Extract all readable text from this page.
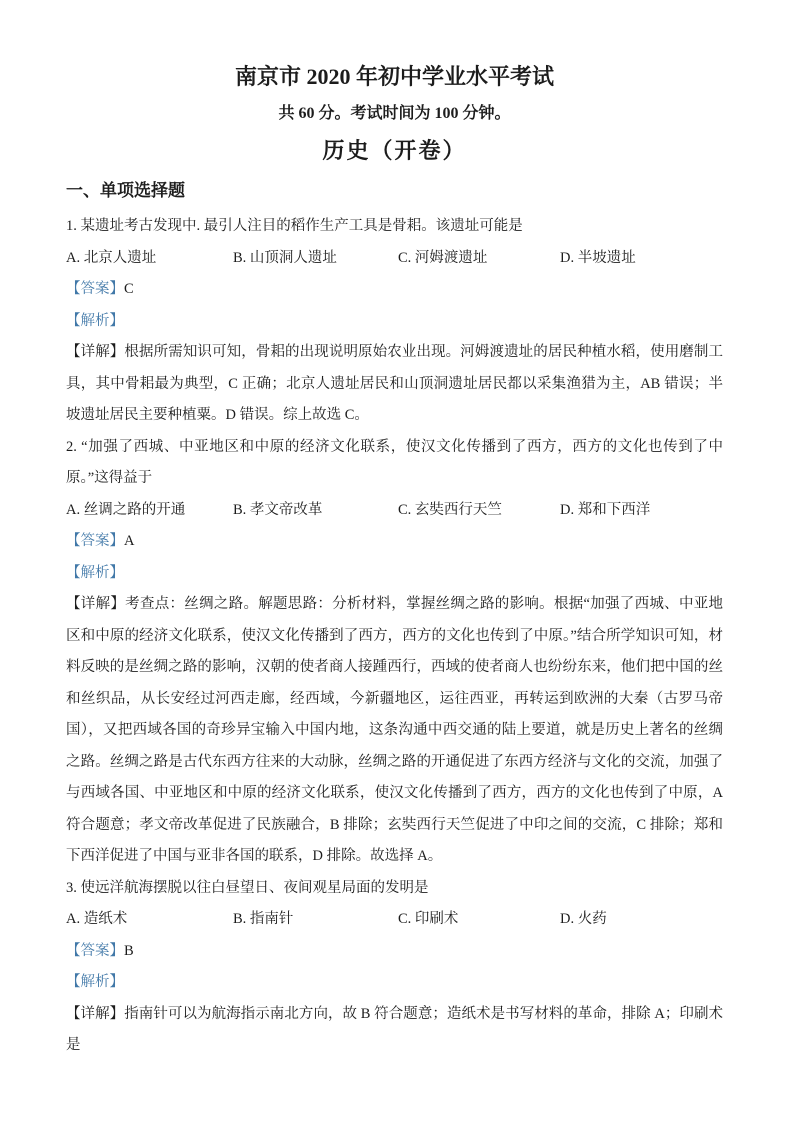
南京市 2020 年初中学业水平考试
共 60 分。考试时间为 100 分钟。
历史（开卷）
一、单项选择题

1. 某遗址考古发现中. 最引人注目的稻作生产工具是骨耜。该遗址可能是

A. 北京人遗址	B. 山顶洞人遗址	C. 河姆渡遗址	D. 半坡遗址

【答案】C

【解析】

【详解】根据所需知识可知，骨耜的出现说明原始农业出现。河姆渡遗址的居民种植水稻，使用磨制工具，其中骨耜最为典型，C 正确；北京人遗址居民和山顶洞遗址居民都以采集渔猎为主，AB 错误；半坡遗址居民主要种植粟。D 错误。综上故选 C。

2. “加强了西城、中亚地区和中原的经济文化联系，使汉文化传播到了西方，西方的文化也传到了中原。”这得益于

A. 丝调之路的开通	B. 孝文帝改革	C. 玄奘西行天竺	D. 郑和下西洋

【答案】A

【解析】

【详解】考查点：丝绸之路。解题思路：分析材料，掌握丝绸之路的影响。根据“加强了西城、中亚地区和中原的经济文化联系，使汉文化传播到了西方，西方的文化也传到了中原。”结合所学知识可知，材料反映的是丝绸之路的影响，汉朝的使者商人接踵西行，西域的使者商人也纷纷东来，他们把中国的丝和丝织品，从长安经过河西走廊，经西域，今新疆地区，运往西亚，再转运到欧洲的大秦（古罗马帝国），又把西域各国的奇珍异宝输入中国内地，这条沟通中西交通的陆上要道，就是历史上著名的丝绸之路。丝绸之路是古代东西方往来的大动脉，丝绸之路的开通促进了东西方经济与文化的交流，加强了与西域各国、中亚地区和中原的经济文化联系，使汉文化传播到了西方，西方的文化也传到了中原，A 符合题意；孝文帝改革促进了民族融合，B 排除；玄奘西行天竺促进了中印之间的交流，C 排除；郑和下西洋促进了中国与亚非各国的联系，D 排除。故选择 A。

3. 使远洋航海摆脱以往白昼望日、夜间观星局面的发明是

A. 造纸术	B. 指南针	C. 印刷术	D. 火药

【答案】B

【解析】

【详解】指南针可以为航海指示南北方向，故 B 符合题意；造纸术是书写材料的革命，排除 A；印刷术是
